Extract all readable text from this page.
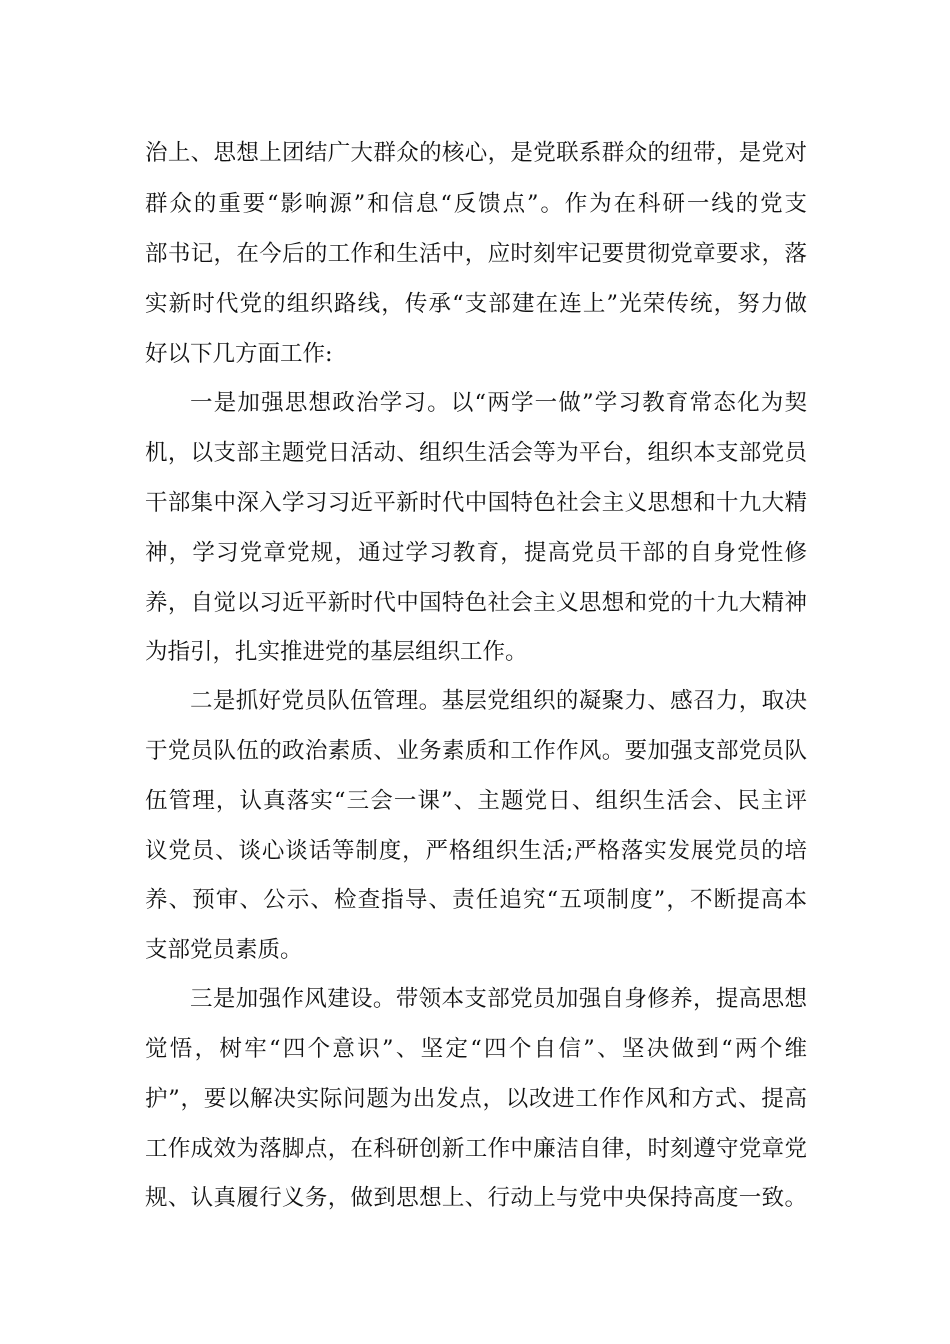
治上、思想上团结广大群众的核心，是党联系群众的纽带，是党对
群众的重要“影响源”和信息“反馈点”。作为在科研一线的党支
部书记，在今后的工作和生活中，应时刻牢记要贯彻党章要求，落
实新时代党的组织路线，传承“支部建在连上”光荣传统，努力做
好以下几方面工作:
一是加强思想政治学习。以“两学一做”学习教育常态化为契
机，以支部主题党日活动、组织生活会等为平台，组织本支部党员
干部集中深入学习习近平新时代中国特色社会主义思想和十九大精
神，学习党章党规，通过学习教育，提高党员干部的自身党性修
养，自觉以习近平新时代中国特色社会主义思想和党的十九大精神
为指引，扎实推进党的基层组织工作。
二是抓好党员队伍管理。基层党组织的凝聚力、感召力，取决
于党员队伍的政治素质、业务素质和工作作风。要加强支部党员队
伍管理，认真落实“三会一课”、主题党日、组织生活会、民主评
议党员、谈心谈话等制度，严格组织生活;严格落实发展党员的培
养、预审、公示、检查指导、责任追究“五项制度”，不断提高本
支部党员素质。
三是加强作风建设。带领本支部党员加强自身修养，提高思想
觉悟，树牢“四个意识”、坚定“四个自信”、坚决做到“两个维
护”，要以解决实际问题为出发点，以改进工作作风和方式、提高
工作成效为落脚点，在科研创新工作中廉洁自律，时刻遵守党章党
规、认真履行义务，做到思想上、行动上与党中央保持高度一致。
